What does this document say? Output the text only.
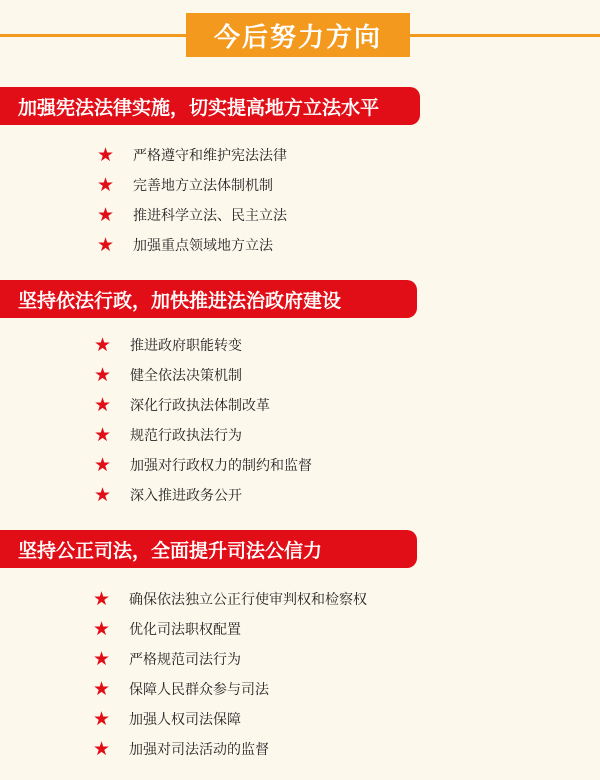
今后努力方向
加强宪法法律实施，切实提高地方立法水平
★	严格遵守和维护宪法法律
★	完善地方立法体制机制
★	推进科学立法、民主立法
★	加强重点领域地方立法
坚持依法行政，加快推进法治政府建设
★	推进政府职能转变
★	健全依法决策机制
★	深化行政执法体制改革
★	规范行政执法行为
★	加强对行政权力的制约和监督
★	深入推进政务公开
坚持公正司法，全面提升司法公信力
★	确保依法独立公正行使审判权和检察权
★	优化司法职权配置
★	严格规范司法行为
★	保障人民群众参与司法
★	加强人权司法保障
★	加强对司法活动的监督
